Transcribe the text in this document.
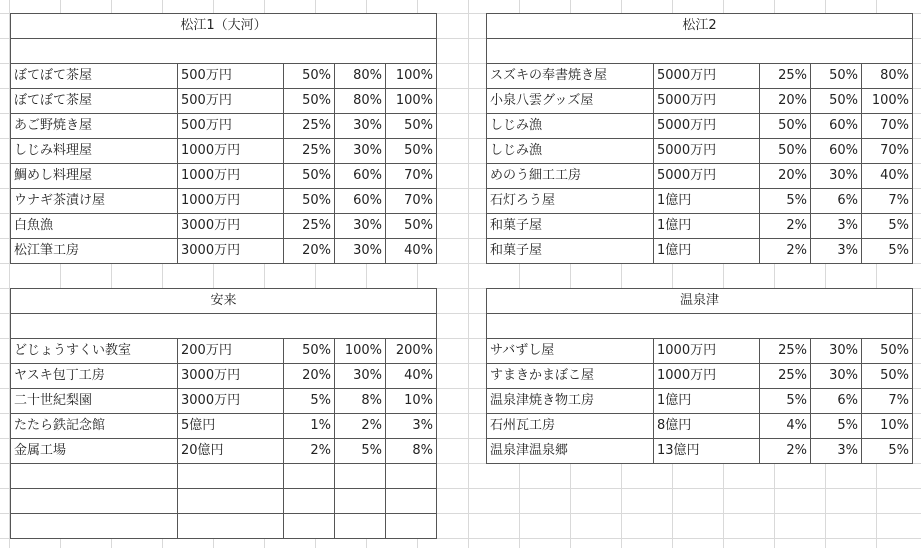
松江1（大河）				

ぼてぼて茶屋	500万円	50%	80%	100%
ぼてぼて茶屋	500万円	50%	80%	100%
あご野焼き屋	500万円	25%	30%	50%
しじみ料理屋	1000万円	25%	30%	50%
鯛めし料理屋	1000万円	50%	60%	70%
ウナギ茶漬け屋	1000万円	50%	60%	70%
白魚漁	3000万円	25%	30%	50%
松江筆工房	3000万円	20%	30%	40%
松江2				

スズキの奉書焼き屋	5000万円	25%	50%	80%
小泉八雲グッズ屋	5000万円	20%	50%	100%
しじみ漁	5000万円	50%	60%	70%
しじみ漁	5000万円	50%	60%	70%
めのう細工工房	5000万円	20%	30%	40%
石灯ろう屋	1億円	5%	6%	7%
和菓子屋	1億円	2%	3%	5%
和菓子屋	1億円	2%	3%	5%
安来				

どじょうすくい教室	200万円	50%	100%	200%
ヤスキ包丁工房	3000万円	20%	30%	40%
二十世紀梨園	3000万円	5%	8%	10%
たたら鉄記念館	5億円	1%	2%	3%
金属工場	20億円	2%	5%	8%

温泉津				

サバずし屋	1000万円	25%	30%	50%
すまきかまぼこ屋	1000万円	25%	30%	50%
温泉津焼き物工房	1億円	5%	6%	7%
石州瓦工房	8億円	4%	5%	10%
温泉津温泉郷	13億円	2%	3%	5%
